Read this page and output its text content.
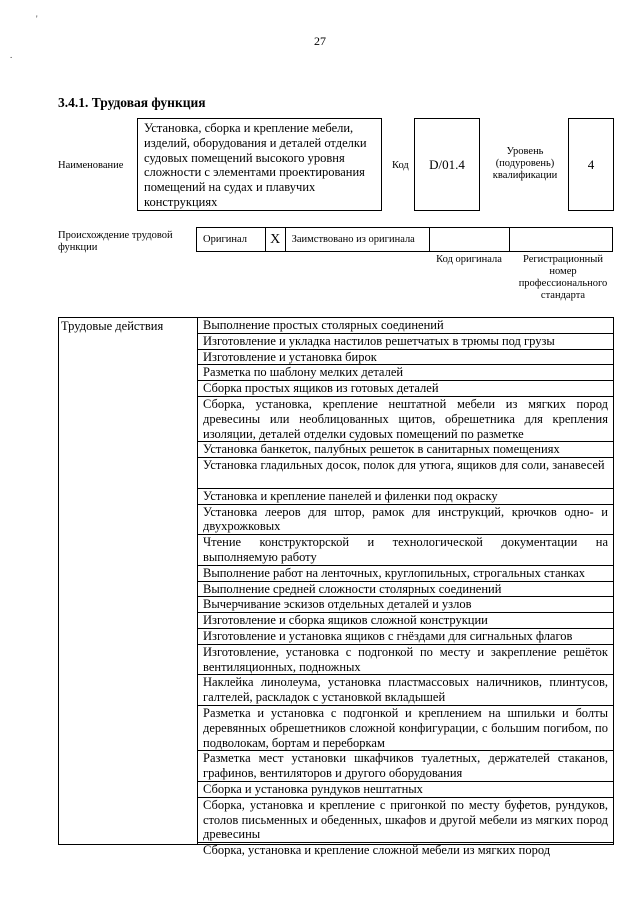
'
.
27
3.4.1. Трудовая функция
Наименование
Установка, сборка и крепление мебели, изделий, оборудования и деталей отделки судовых помещений высокого уровня сложности с элементами проектирования помещений на судах и плавучих конструкциях
Код D/01.4
Уровень (подуровень) квалификации
4
Происхождение трудовой функции
Оригинал X Заимствовано из оригинала
Код оригинала	Регистрационный номер профессионального стандарта
Трудовые действия	Выполнение простых столярных соединений
Изготовление и укладка настилов решетчатых в трюмы под грузы
Изготовление и установка бирок
Разметка по шаблону мелких деталей
Сборка простых ящиков из готовых деталей
Сборка, установка, крепление нештатной мебели из мягких пород древесины или необлицованных щитов, обрешетника для крепления изоляции, деталей отделки судовых помещений по разметке
Установка банкеток, палубных решеток в санитарных помещениях
Установка гладильных досок, полок для утюга, ящиков для соли, занавесей
Установка и крепление панелей и филенки под окраску
Установка лееров для штор, рамок для инструкций, крючков одно- и двухрожковых
Чтение конструкторской и технологической документации на выполняемую работу
Выполнение работ на ленточных, круглопильных, строгальных станках
Выполнение средней сложности столярных соединений
Вычерчивание эскизов отдельных деталей и узлов
Изготовление и сборка ящиков сложной конструкции
Изготовление и установка ящиков с гнёздами для сигнальных флагов
Изготовление, установка с подгонкой по месту и закрепление решёток вентиляционных, подножных
Наклейка линолеума, установка пластмассовых наличников, плинтусов, галтелей, раскладок с установкой вкладышей
Разметка и установка с подгонкой и креплением на шпильки и болты деревянных обрешетников сложной конфигурации, с большим погибом, по подволокам, бортам и переборкам
Разметка мест установки шкафчиков туалетных, держателей стаканов, графинов, вентиляторов и другого оборудования
Сборка и установка рундуков нештатных
Сборка, установка и крепление с пригонкой по месту буфетов, рундуков, столов письменных и обеденных, шкафов и другой мебели из мягких пород древесины
Сборка, установка и крепление сложной мебели из мягких пород
